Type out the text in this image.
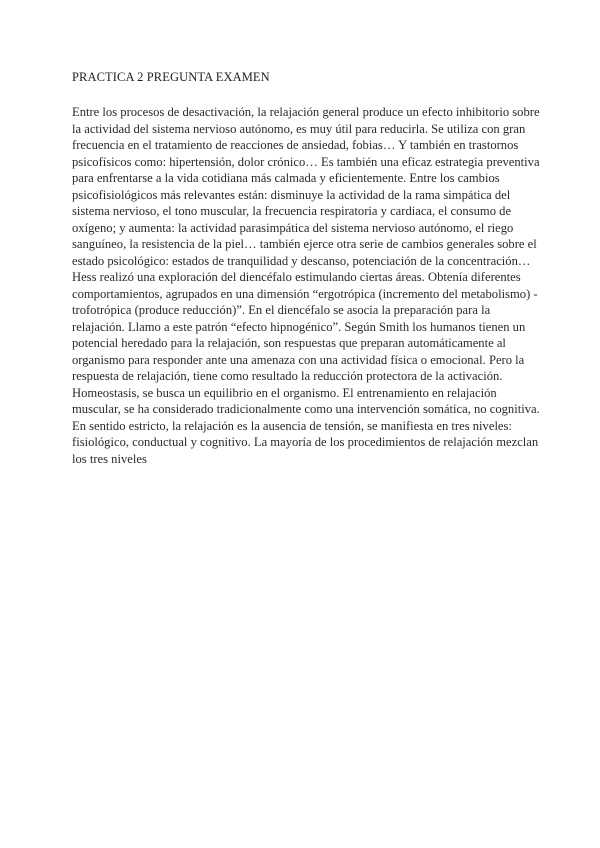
PRACTICA 2 PREGUNTA EXAMEN
Entre los procesos de desactivación, la relajación general produce un efecto inhibitorio sobre
la actividad del sistema nervioso autónomo, es muy útil para reducirla. Se utiliza con gran
frecuencia en el tratamiento de reacciones de ansiedad, fobias… Y también en trastornos
psicofísicos como: hipertensión, dolor crónico… Es también una eficaz estrategia preventiva
para enfrentarse a la vida cotidiana más calmada y eficientemente. Entre los cambios
psicofisiológicos más relevantes están: disminuye la actividad de la rama simpática del
sistema nervioso, el tono muscular, la frecuencia respiratoria y cardiaca, el consumo de
oxígeno; y aumenta: la actividad parasimpática del sistema nervioso autónomo, el riego
sanguíneo, la resistencia de la piel… también ejerce otra serie de cambios generales sobre el
estado psicológico: estados de tranquilidad y descanso, potenciación de la concentración…
Hess realizó una exploración del diencéfalo estimulando ciertas áreas. Obtenía diferentes
comportamientos, agrupados en una dimensión “ergotrópica (incremento del metabolismo) -
trofotrópica (produce reducción)”. En el diencéfalo se asocia la preparación para la
relajación. Llamo a este patrón “efecto hipnogénico”. Según Smith los humanos tienen un
potencial heredado para la relajación, son respuestas que preparan automáticamente al
organismo para responder ante una amenaza con una actividad física o emocional. Pero la
respuesta de relajación, tiene como resultado la reducción protectora de la activación.
Homeostasis, se busca un equilibrio en el organismo. El entrenamiento en relajación
muscular, se ha considerado tradicionalmente como una intervención somática, no cognitiva.
En sentido estricto, la relajación es la ausencia de tensión, se manifiesta en tres niveles:
fisiológico, conductual y cognitivo. La mayoría de los procedimientos de relajación mezclan
los tres niveles
